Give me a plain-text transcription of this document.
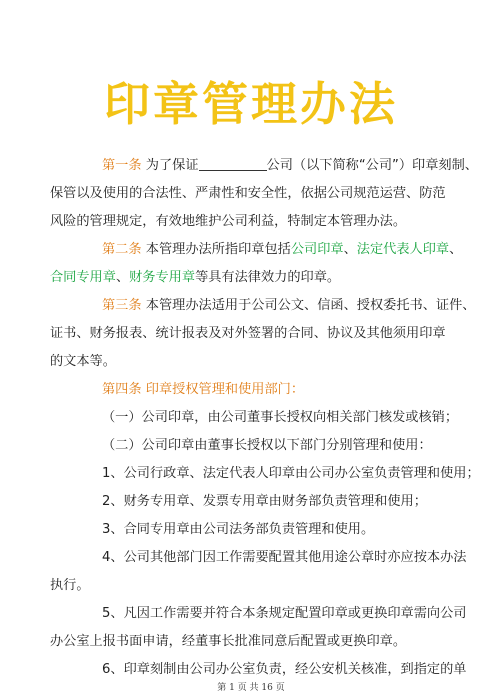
印章管理办法
第一条 为了保证	公司（以下简称“公司”）印章刻制、
保管以及使用的合法性、严肃性和安全性，依据公司规范运营、防范
风险的管理规定，有效地维护公司利益，特制定本管理办法。
第二条 本管理办法所指印章包括公司印章、法定代表人印章、
合同专用章、财务专用章等具有法律效力的印章。
第三条 本管理办法适用于公司公文、信函、授权委托书、证件、
证书、财务报表、统计报表及对外签署的合同、协议及其他须用印章
的文本等。
第四条 印章授权管理和使用部门：
（一）公司印章，由公司董事长授权向相关部门核发或核销；
（二）公司印章由董事长授权以下部门分别管理和使用：
1、公司行政章、法定代表人印章由公司办公室负责管理和使用；
2、财务专用章、发票专用章由财务部负责管理和使用；
3、合同专用章由公司法务部负责管理和使用。
4、公司其他部门因工作需要配置其他用途公章时亦应按本办法
执行。
5、凡因工作需要并符合本条规定配置印章或更换印章需向公司
办公室上报书面申请，经董事长批准同意后配置或更换印章。
6、印章刻制由公司办公室负责，经公安机关核准，到指定的单
第 1 页 共 16 页
